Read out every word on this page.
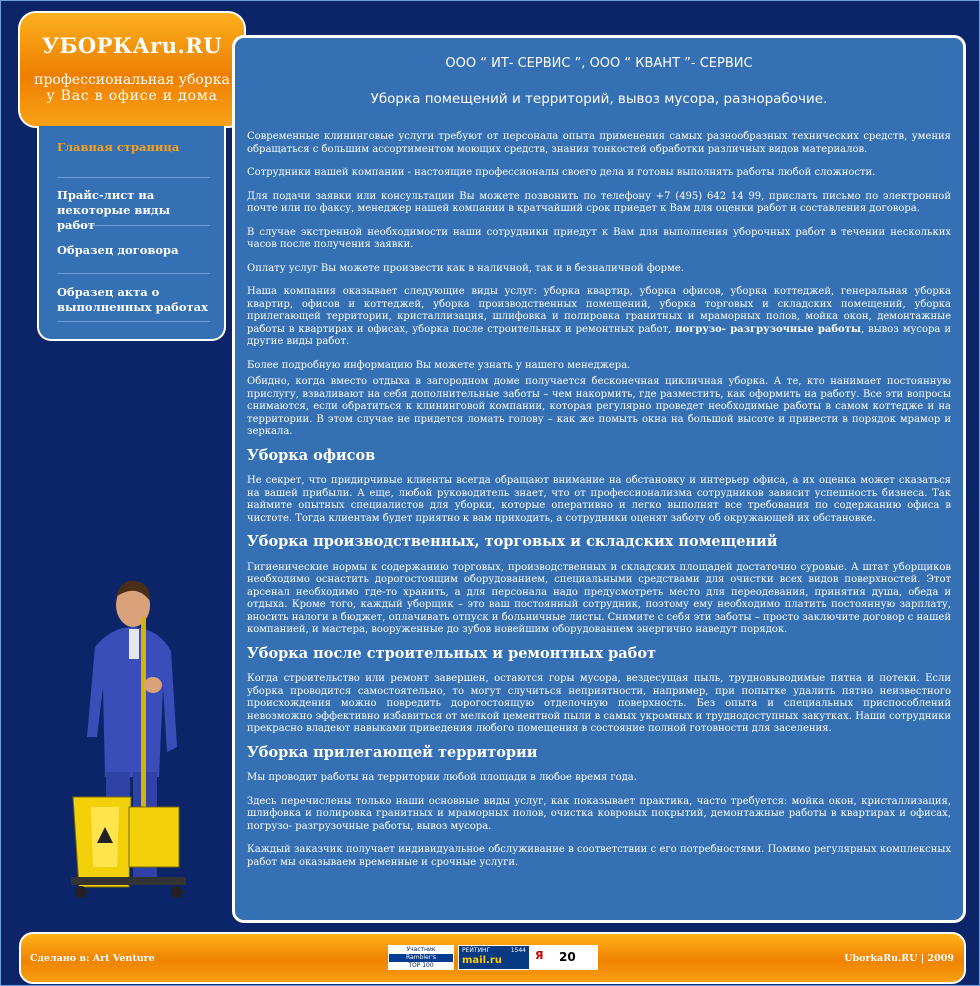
УБОРКАru.RU
профессиональная уборка
у Вас в офисе и дома
Главная страница
Прайс-лист на некоторые виды работ
Образец договора
Образец акта о выполненных работах
ООО “ ИТ- СЕРВИС ”, ООО “ КВАНТ ”- СЕРВИС
Уборка помещений и территорий, вывоз мусора, разнорабочие.

Современные клининговые услуги требуют от персонала опыта применения самых разнообразных технических средств, умения обращаться с большим ассортиментом моющих средств, знания тонкостей обработки различных видов материалов.

Сотрудники нашей компании - настоящие профессионалы своего дела и готовы выполнять работы любой сложности.

Для подачи заявки или консультации Вы можете позвонить по телефону +7 (495) 642 14 99, прислать письмо по электронной почте или по факсу, менеджер нашей компании в кратчайший срок приедет к Вам для оценки работ и составления договора.

В случае экстренной необходимости наши сотрудники приедут к Вам для выполнения уборочных работ в течении нескольких часов после получения заявки.

Оплату услуг Вы можете произвести как в наличной, так и в безналичной форме.

Наша компания оказывает следующие виды услуг: уборка квартир, уборка офисов, уборка коттеджей, генеральная уборка квартир, офисов и коттеджей, уборка производственных помещений, уборка торговых и складских помещений, уборка прилегающей территории, кристаллизация, шлифовка и полировка гранитных и мраморных полов, мойка окон, демонтажные работы в квартирах и офисах, уборка после строительных и ремонтных работ, погрузо- разгрузочные работы, вывоз мусора и другие виды работ.

Более подробную информацию Вы можете узнать у нашего менеджера.

Обидно, когда вместо отдыха в загородном доме получается бесконечная цикличная уборка. А те, кто нанимает постоянную прислугу, взваливают на себя дополнительные заботы – чем накормить, где разместить, как оформить на работу. Все эти вопросы снимаются, если обратиться к клининговой компании, которая регулярно проведет необходимые работы в самом коттедже и на территории. В этом случае не придется ломать голову – как же помыть окна на большой высоте и привести в порядок мрамор и зеркала.

Уборка офисов

Не секрет, что придирчивые клиенты всегда обращают внимание на обстановку и интерьер офиса, а их оценка может сказаться на вашей прибыли. А еще, любой руководитель знает, что от профессионализма сотрудников зависит успешность бизнеса. Так наймите опытных специалистов для уборки, которые оперативно и легко выполнят все требования по содержанию офиса в чистоте. Тогда клиентам будет приятно к вам приходить, а сотрудники оценят заботу об окружающей их обстановке.

Уборка производственных, торговых и складских помещений

Гигиенические нормы к содержанию торговых, производственных и складских площадей достаточно суровые. А штат уборщиков необходимо оснастить дорогостоящим оборудованием, специальными средствами для очистки всех видов поверхностей. Этот арсенал необходимо где-то хранить, а для персонала надо предусмотреть место для переодевания, принятия душа, обеда и отдыха. Кроме того, каждый уборщик – это ваш постоянный сотрудник, поэтому ему необходимо платить постоянную зарплату, вносить налоги в бюджет, оплачивать отпуск и больничные листы. Снимите с себя эти заботы – просто заключите договор с нашей компанией, и мастера, вооруженные до зубов новейшим оборудованием энергично наведут порядок.

Уборка после строительных и ремонтных работ

Когда строительство или ремонт завершен, остаются горы мусора, вездесущая пыль, трудновыводимые пятна и потеки. Если уборка проводится самостоятельно, то могут случиться неприятности, например, при попытке удалить пятно неизвестного происхождения можно повредить дорогостоящую отделочную поверхность. Без опыта и специальных приспособлений невозможно эффективно избавиться от мелкой цементной пыли в самых укромных и труднодоступных закутках. Наши сотрудники прекрасно владеют навыками приведения любого помещения в состояние полной готовности для заселения.

Уборка прилегающей территории

Мы проводит работы на территории любой площади в любое время года.

Здесь перечислены только наши основные виды услуг, как показывает практика, часто требуется: мойка окон, кристаллизация, шлифовка и полировка гранитных и мраморных полов, очистка ковровых покрытий, демонтажные работы в квартирах и офисах, погрузо- разгрузочные работы, вывоз мусора.

Каждый заказчик получает индивидуальное обслуживание в соответствии с его потребностями. Помимо регулярных комплексных работ мы оказываем временные и срочные услуги.

Сделано в: Art Venture
Участник
Rambler's
TOP 100
РЕЙТИНГ	1544
mail.ru	Я 20	UborkaRu.RU | 2009
